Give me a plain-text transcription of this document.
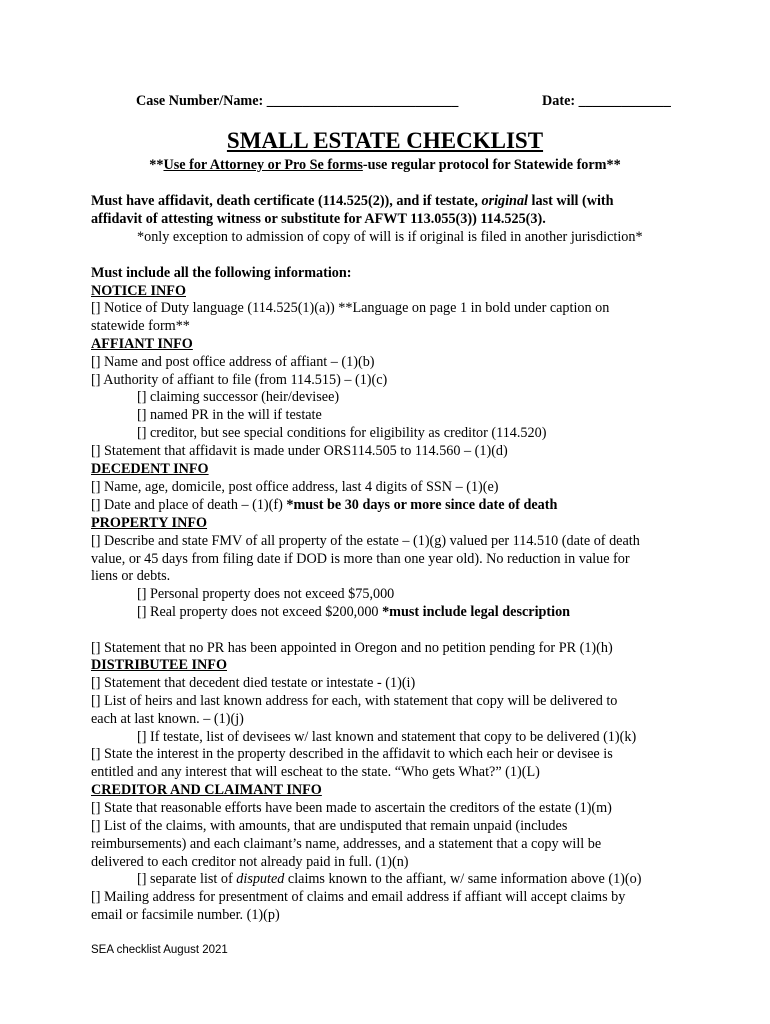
Case Number/Name: ___________________________	Date: _____________
SMALL ESTATE CHECKLIST
**Use for Attorney or Pro Se forms-use regular protocol for Statewide form**
Must have affidavit, death certificate (114.525(2)), and if testate, original last will (with
affidavit of attesting witness or substitute for AFWT 113.055(3)) 114.525(3).
*only exception to admission of copy of will is if original is filed in another jurisdiction*
Must include all the following information:
NOTICE INFO
[] Notice of Duty language (114.525(1)(a)) **Language on page 1 in bold under caption on
statewide form**
AFFIANT INFO
[] Name and post office address of affiant – (1)(b)
[] Authority of affiant to file (from 114.515) – (1)(c)
[] claiming successor (heir/devisee)
[] named PR in the will if testate
[] creditor, but see special conditions for eligibility as creditor (114.520)
[] Statement that affidavit is made under ORS114.505 to 114.560 – (1)(d)
DECEDENT INFO
[] Name, age, domicile, post office address, last 4 digits of SSN – (1)(e)
[] Date and place of death – (1)(f) *must be 30 days or more since date of death
PROPERTY INFO
[] Describe and state FMV of all property of the estate – (1)(g) valued per 114.510 (date of death
value, or 45 days from filing date if DOD is more than one year old). No reduction in value for
liens or debts.
[] Personal property does not exceed $75,000
[] Real property does not exceed $200,000 *must include legal description
[] Statement that no PR has been appointed in Oregon and no petition pending for PR (1)(h)
DISTRIBUTEE INFO
[] Statement that decedent died testate or intestate - (1)(i)
[] List of heirs and last known address for each, with statement that copy will be delivered to
each at last known. – (1)(j)
[] If testate, list of devisees w/ last known and statement that copy to be delivered (1)(k)
[] State the interest in the property described in the affidavit to which each heir or devisee is
entitled and any interest that will escheat to the state. “Who gets What?” (1)(L)
CREDITOR AND CLAIMANT INFO
[] State that reasonable efforts have been made to ascertain the creditors of the estate (1)(m)
[] List of the claims, with amounts, that are undisputed that remain unpaid (includes
reimbursements) and each claimant’s name, addresses, and a statement that a copy will be
delivered to each creditor not already paid in full. (1)(n)
[] separate list of disputed claims known to the affiant, w/ same information above (1)(o)
[] Mailing address for presentment of claims and email address if affiant will accept claims by
email or facsimile number. (1)(p)
SEA checklist August 2021
